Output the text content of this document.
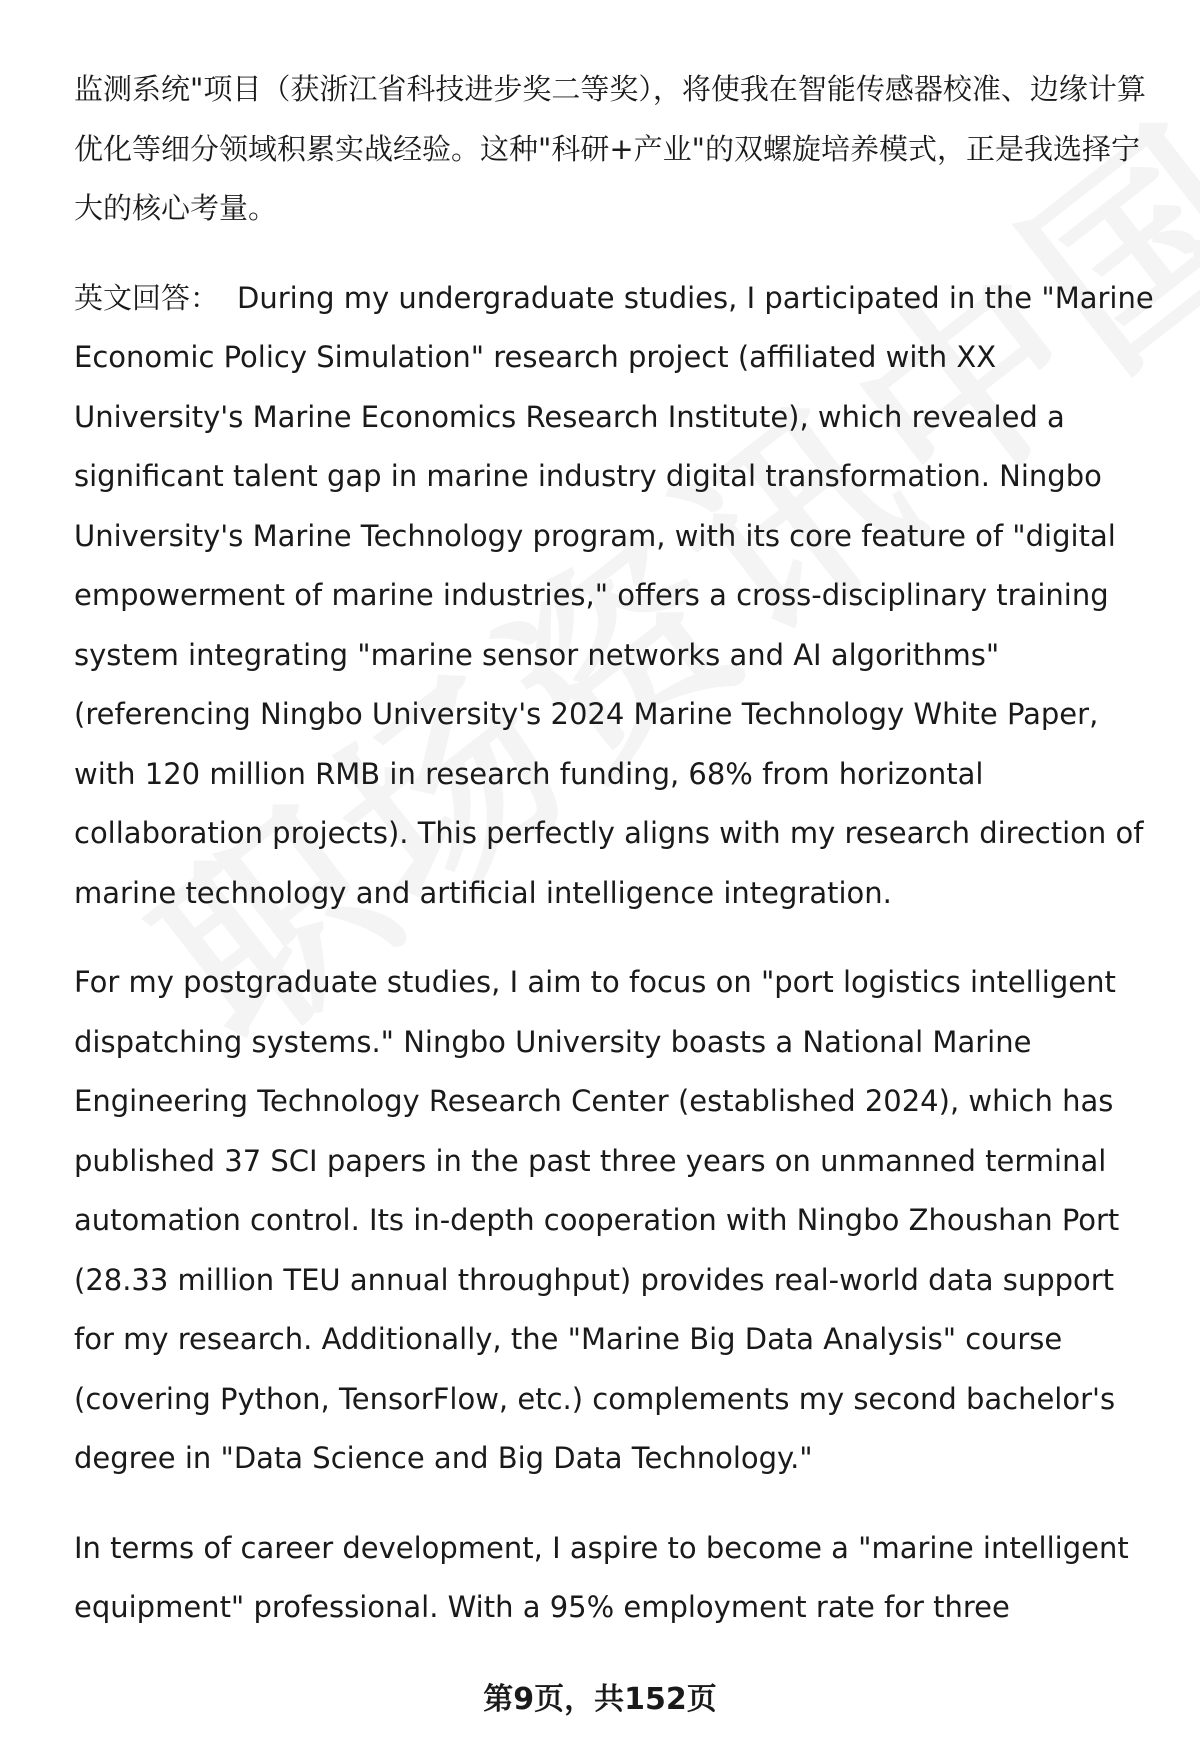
监测系统"项目（获浙江省科技进步奖二等奖），将使我在智能传感器校准、边缘计算优化等细分领域积累实战经验。这种"科研+产业"的双螺旋培养模式，正是我选择宁大的核心考量。

英文回答： During my undergraduate studies, I participated in the "Marine Economic Policy Simulation" research project (affiliated with XX University's Marine Economics Research Institute), which revealed a significant talent gap in marine industry digital transformation. Ningbo University's Marine Technology program, with its core feature of "digital empowerment of marine industries," offers a cross-disciplinary training system integrating "marine sensor networks and AI algorithms" (referencing Ningbo University's 2024 Marine Technology White Paper, with 120 million RMB in research funding, 68% from horizontal collaboration projects). This perfectly aligns with my research direction of marine technology and artificial intelligence integration.

For my postgraduate studies, I aim to focus on "port logistics intelligent dispatching systems." Ningbo University boasts a National Marine Engineering Technology Research Center (established 2024), which has published 37 SCI papers in the past three years on unmanned terminal automation control. Its in-depth cooperation with Ningbo Zhoushan Port (28.33 million TEU annual throughput) provides real-world data support for my research. Additionally, the "Marine Big Data Analysis" course (covering Python, TensorFlow, etc.) complements my second bachelor's degree in "Data Science and Big Data Technology."

In terms of career development, I aspire to become a "marine intelligent equipment" professional. With a 95% employment rate for three

第9页，共152页
